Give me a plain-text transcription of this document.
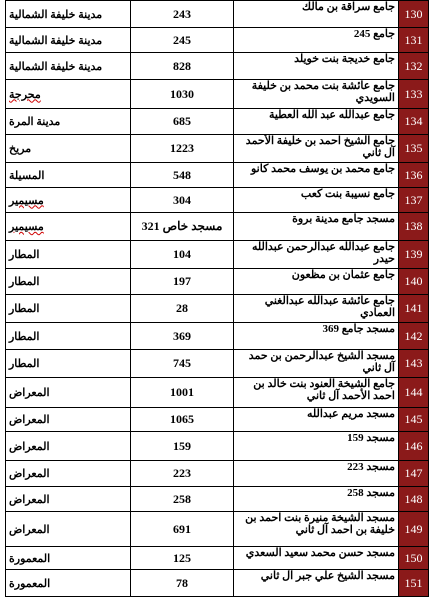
130	جامع سراقة بن مالك	243	مدينة خليفة الشمالية

131	جامع 245	245	مدينة خليفة الشمالية

132	جامع خديجة بنت خويلد	828	مدينة خليفة الشمالية

133	جامع عائشة بنت محمد بن خليفة السويدي	1030	محرجة

134	جامع عبدالله عبد الله العطية	685	مدينة المرة

135	جامع الشيخ احمد بن خليفة الأحمد آل ثاني	1223	مريخ

136	جامع محمد بن يوسف محمد كانو	548	المسيلة

137	جامع نسيبة بنت كعب	304	مسيمير

138	مسجد جامع مدينة بروة	مسجد خاص 321	مسيمير

139	جامع عبدالله عبدالرحمن عبدالله حيدر	104	المطار

140	جامع عثمان بن مظعون	197	المطار

141	جامع عائشة عبدالله عبدالغني العمادي	28	المطار

142	مسجد جامع 369	369	المطار

143	مسجد الشيخ عبدالرحمن بن حمد آل ثاني	745	المطار

144	جامع الشيخة العنود بنت خالد بن احمد الأحمد آل ثاني	1001	المعراض

145	مسجد مريم عبدالله	1065	المعراض

146	مسجد 159	159	المعراض

147	مسجد 223	223	المعراض

148	مسجد 258	258	المعراض

149	مسجد الشيخة منيرة بنت احمد بن خليفة بن احمد آل ثاني	691	المعراض

150	مسجد حسن محمد سعيد السعدي	125	المعمورة

151	مسجد الشيخ علي جبر آل ثاني	78	المعمورة
